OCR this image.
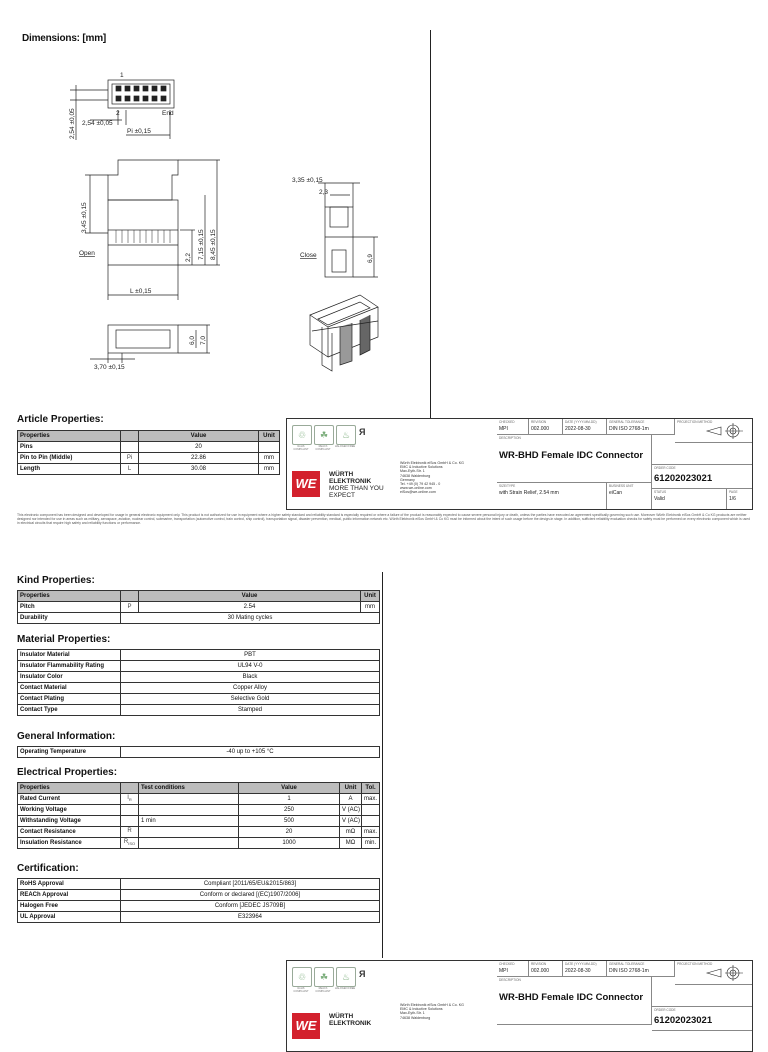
Dimensions: [mm]
1
2	End
2,54 ±0,05 2,54 ±0,05
Pi ±0,15
3,45 ±0,15
7,15 ±0,15 8,45 ±0,15
2,2
Open
L ±0,15
3,35 ±0,15
2,3
Close	6,9
6,0 7,0
3,70 ±0,15
Article Properties:
Properties		Value	Unit
Pins		20	
Pin to Pin (Middle)	Pi	22.86	mm
Length	L	30.08	mm
♲	☘	♨ Я
RoHS COMPLIANT
REACh COMPLIANT
HALOGEN FREE
WE
WÜRTH ELEKTRONIK
MORE THAN YOU EXPECT
Würth Elektronik eiSos GmbH & Co. KG
EMC & Inductive Solutions
Max-Eyth-Str. 1
74638 Waldenburg
Germany
Tel. +49 (0) 79 42 945 - 0
www.we-online.com
eiSos@we-online.com
CHECKED
MPI
REVISION
002.000
DATE (YYYY-MM-DD)
2022-08-30
GENERAL TOLERANCE
DIN ISO 2768-1m
PROJECTION METHOD
DESCRIPTION
WR-BHD Female IDC Connector
ORDER CODE
61202023021
SIZE/TYPE
with Strain Relief, 2.54 mm
BUSINESS UNIT
eiCan	STATUS
Valid
PAGE
1/6
This electronic component has been designed and developed for usage in general electronic equipment only. This product is not authorized for use in equipment where a higher safety standard and reliability standard is especially required or where a failure of the product is reasonably expected to cause severe personal injury or death, unless the parties have executed an agreement specifically governing such use. Moreover Würth Elektronik eiSos GmbH & Co KG products are neither designed nor intended for use in areas such as military, aerospace, aviation, nuclear control, submarine, transportation (automotive control, train control, ship control), transportation signal, disaster prevention, medical, public information network etc. Würth Elektronik eiSos GmbH & Co KG must be informed about the intent of such usage before the design-in stage. In addition, sufficient reliability evaluation checks for safety must be performed on every electronic component which is used in electrical circuits that require high safety and reliability functions or performance.
Kind Properties:
Properties		Value	Unit
Pitch	P	2.54	mm
Durability	30 Mating cycles		
Material Properties:
Insulator Material	PBT
Insulator Flammability Rating	UL94 V-0
Insulator Color	Black
Contact Material	Copper Alloy
Contact Plating	Selective Gold
Contact Type	Stamped
General Information:
Operating Temperature	-40 up to +105 °C
Electrical Properties:
Properties		Test conditions	Value	Unit	Tol.
Rated Current	$I_R$		1	A	max.
Working Voltage			250	V (AC)	
Withstanding Voltage		1 min	500	V (AC)	
Contact Resistance	R		20	mΩ	max.
Insulation Resistance	$R_{ISO}$		1000	MΩ	min.
Certification:
RoHS Approval	Compliant [2011/65/EU&2015/863]
REACh Approval	Conform or declared [(EC)1907/2006]
Halogen Free	Conform [JEDEC JS709B]
UL Approval	E323964
♲	☘	♨ Я
RoHS COMPLIANT
REACh COMPLIANT
HALOGEN FREE
WE
WÜRTH ELEKTRONIK
Würth Elektronik eiSos GmbH & Co. KG
EMC & Inductive Solutions
Max-Eyth-Str. 1
74638 Waldenburg
CHECKED
MPI
REVISION
002.000
DATE (YYYY-MM-DD)
2022-08-30
GENERAL TOLERANCE
DIN ISO 2768-1m
PROJECTION METHOD
DESCRIPTION
WR-BHD Female IDC Connector
ORDER CODE
61202023021
